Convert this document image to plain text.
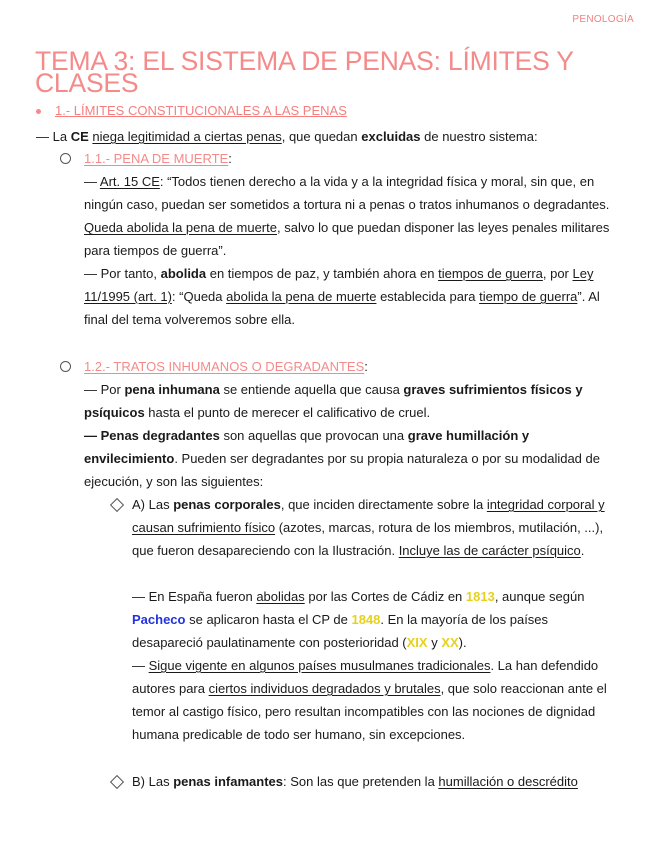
PENOLOGÍA
TEMA 3: EL SISTEMA DE PENAS: LÍMITES Y CLASES
1.- LÍMITES CONSTITUCIONALES A LAS PENAS

— La CE niega legitimidad a ciertas penas, que quedan excluidas de nuestro sistema:

1.1.- PENA DE MUERTE:

— Art. 15 CE: “Todos tienen derecho a la vida y a la integridad física y moral, sin que, en ningún caso, puedan ser sometidos a tortura ni a penas o tratos inhumanos o degradantes. Queda abolida la pena de muerte, salvo lo que puedan disponer las leyes penales militares para tiempos de guerra”.

— Por tanto, abolida en tiempos de paz, y también ahora en tiempos de guerra, por Ley 11/1995 (art. 1): “Queda abolida la pena de muerte establecida para tiempo de guerra”. Al final del tema volveremos sobre ella.

1.2.- TRATOS INHUMANOS O DEGRADANTES:

— Por pena inhumana se entiende aquella que causa graves sufrimientos físicos y psíquicos hasta el punto de merecer el calificativo de cruel.

— Penas degradantes son aquellas que provocan una grave humillación y envilecimiento. Pueden ser degradantes por su propia naturaleza o por su modalidad de ejecución, y son las siguientes:

A) Las penas corporales, que inciden directamente sobre la integridad corporal y causan sufrimiento físico (azotes, marcas, rotura de los miembros, mutilación, ...), que fueron desapareciendo con la Ilustración. Incluye las de carácter psíquico.

— En España fueron abolidas por las Cortes de Cádiz en 1813, aunque según Pacheco se aplicaron hasta el CP de 1848. En la mayoría de los países desapareció paulatinamente con posterioridad (XIX y XX).

— Sigue vigente en algunos países musulmanes tradicionales. La han defendido autores para ciertos individuos degradados y brutales, que solo reaccionan ante el temor al castigo físico, pero resultan incompatibles con las nociones de dignidad humana predicable de todo ser humano, sin excepciones.

B) Las penas infamantes: Son las que pretenden la humillación o descrédito
